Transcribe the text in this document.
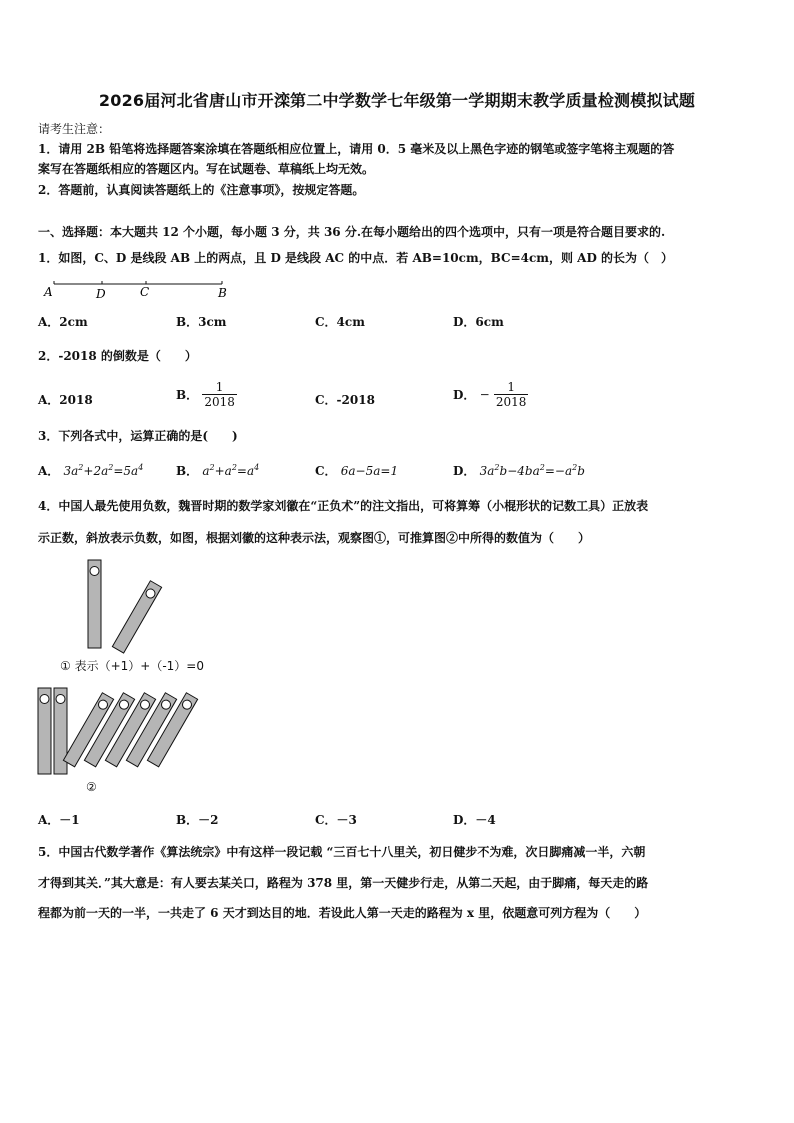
2026届河北省唐山市开滦第二中学数学七年级第一学期期末教学质量检测模拟试题
请考生注意：
1．请用 2B 铅笔将选择题答案涂填在答题纸相应位置上，请用 0．5 毫米及以上黑色字迹的钢笔或签字笔将主观题的答
案写在答题纸相应的答题区内。写在试题卷、草稿纸上均无效。
2．答题前，认真阅读答题纸上的《注意事项》，按规定答题。
一、选择题：本大题共 12 个小题，每小题 3 分，共 36 分.在每小题给出的四个选项中，只有一项是符合题目要求的.
1．如图，C、D 是线段 AB 上的两点，且 D 是线段 AC 的中点．若 AB=10cm，BC=4cm，则 AD 的长为（　）
A	D	C	B
A．2cm	B．3cm	C．4cm	D．6cm
2．-2018 的倒数是（　　）
A．2018	B． $\frac{1}{2018}$	C．-2018	D． − $\frac{1}{2018}$
3．下列各式中，运算正确的是(　　)
A． $3a^2+2a^2=5a^4$	B． $a^2+a^2=a^4$	C． 6a−5a=1	D． $3a^2b-4ba^2=-a^2b$
4．中国人最先使用负数，魏晋时期的数学家刘徽在“正负术”的注文指出，可将算筹（小棍形状的记数工具）正放表
示正数，斜放表示负数，如图，根据刘徽的这种表示法，观察图①，可推算图②中所得的数值为（　　）
① 表示（+1）+（-1）=0
②
A．－1	B．－2	C．－3	D．－4
5．中国古代数学著作《算法统宗》中有这样一段记载 “三百七十八里关，初日健步不为难，次日脚痛减一半，六朝
才得到其关．”其大意是：有人要去某关口，路程为 378 里，第一天健步行走，从第二天起，由于脚痛，每天走的路
程都为前一天的一半，一共走了 6 天才到达目的地．若设此人第一天走的路程为 x 里，依题意可列方程为（　　）
